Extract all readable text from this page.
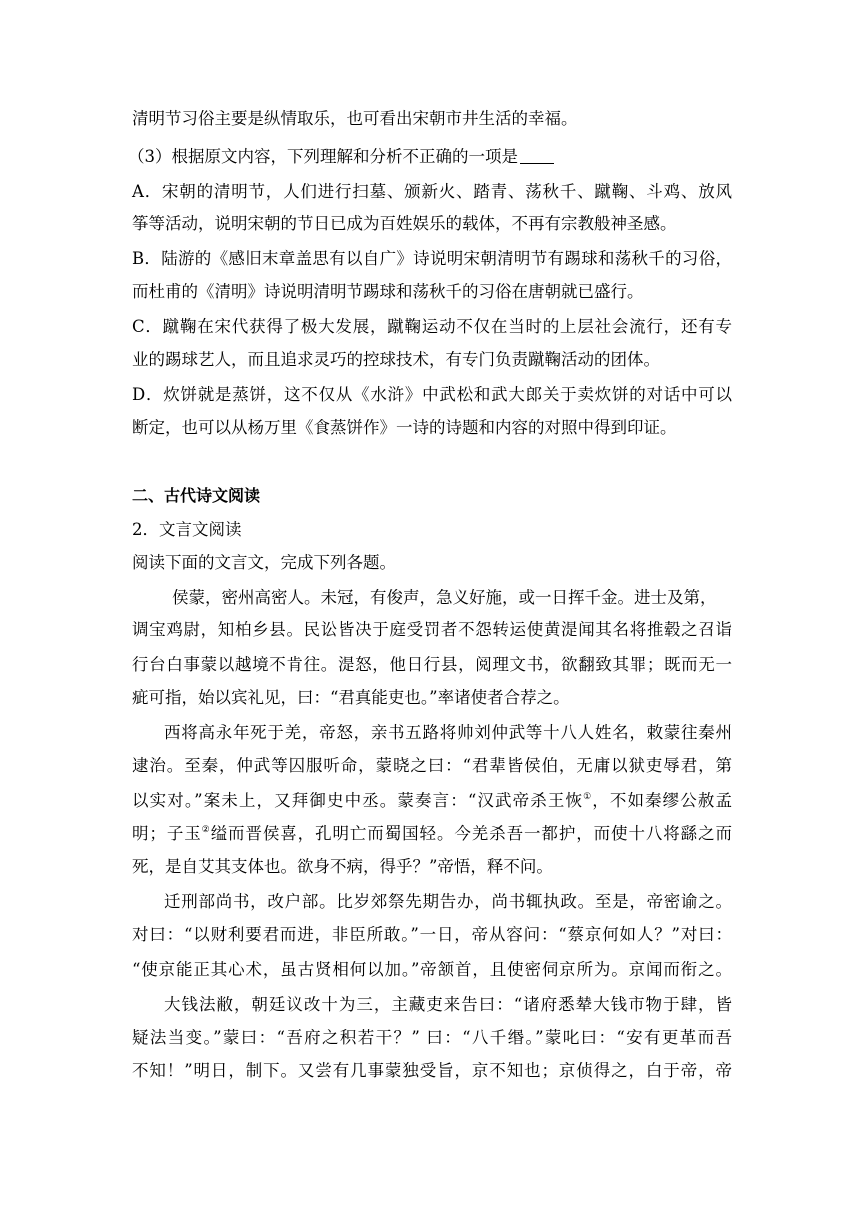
清明节习俗主要是纵情取乐，也可看出宋朝市井生活的幸福。
（3）根据原文内容，下列理解和分析不正确的一项是
A．宋朝的清明节，人们进行扫墓、颁新火、踏青、荡秋千、蹴鞠、斗鸡、放风
筝等活动，说明宋朝的节日已成为百姓娱乐的载体，不再有宗教般神圣感。
B．陆游的《感旧末章盖思有以自广》诗说明宋朝清明节有踢球和荡秋千的习俗，
而杜甫的《清明》诗说明清明节踢球和荡秋千的习俗在唐朝就已盛行。
C．蹴鞠在宋代获得了极大发展，蹴鞠运动不仅在当时的上层社会流行，还有专
业的踢球艺人，而且追求灵巧的控球技术，有专门负责蹴鞠活动的团体。
D．炊饼就是蒸饼，这不仅从《水浒》中武松和武大郎关于卖炊饼的对话中可以
断定，也可以从杨万里《食蒸饼作》一诗的诗题和内容的对照中得到印证。
二、古代诗文阅读
2．文言文阅读
阅读下面的文言文，完成下列各题。
侯蒙，密州高密人。未冠，有俊声，急义好施，或一日挥千金。进士及第，
调宝鸡尉，知柏乡县。民讼皆决于庭受罚者不怨转运使黄湜闻其名将推毂之召诣
行台白事蒙以越境不肯往。湜怒，他日行县，阅理文书，欲翻致其罪；既而无一
疵可指，始以宾礼见，曰：“君真能吏也。”率诸使者合荐之。
西将高永年死于羌，帝怒，亲书五路将帅刘仲武等十八人姓名，敕蒙往秦州
逮治。至秦，仲武等囚服听命，蒙晓之曰：“君辈皆侯伯，无庸以狱吏辱君，第
以实对。”案未上，又拜御史中丞。蒙奏言：“汉武帝杀王恢①，不如秦缪公赦孟
明；子玉②缢而晋侯喜，孔明亡而蜀国轻。今羌杀吾一都护，而使十八将繇之而
死，是自艾其支体也。欲身不病，得乎？”帝悟，释不问。
迁刑部尚书，改户部。比岁郊祭先期告办，尚书辄执政。至是，帝密谕之。
对曰：“以财利要君而进，非臣所敢。”一日，帝从容问：“蔡京何如人？”对曰：
“使京能正其心术，虽古贤相何以加。”帝颔首，且使密伺京所为。京闻而衔之。
大钱法敝，朝廷议改十为三，主藏吏来告曰：“诸府悉辇大钱市物于肆，皆
疑法当变。”蒙曰：“吾府之积若干？” 曰：“八千缗。”蒙叱曰：“安有更革而吾
不知！”明日，制下。又尝有几事蒙独受旨，京不知也；京侦得之，白于帝，帝
